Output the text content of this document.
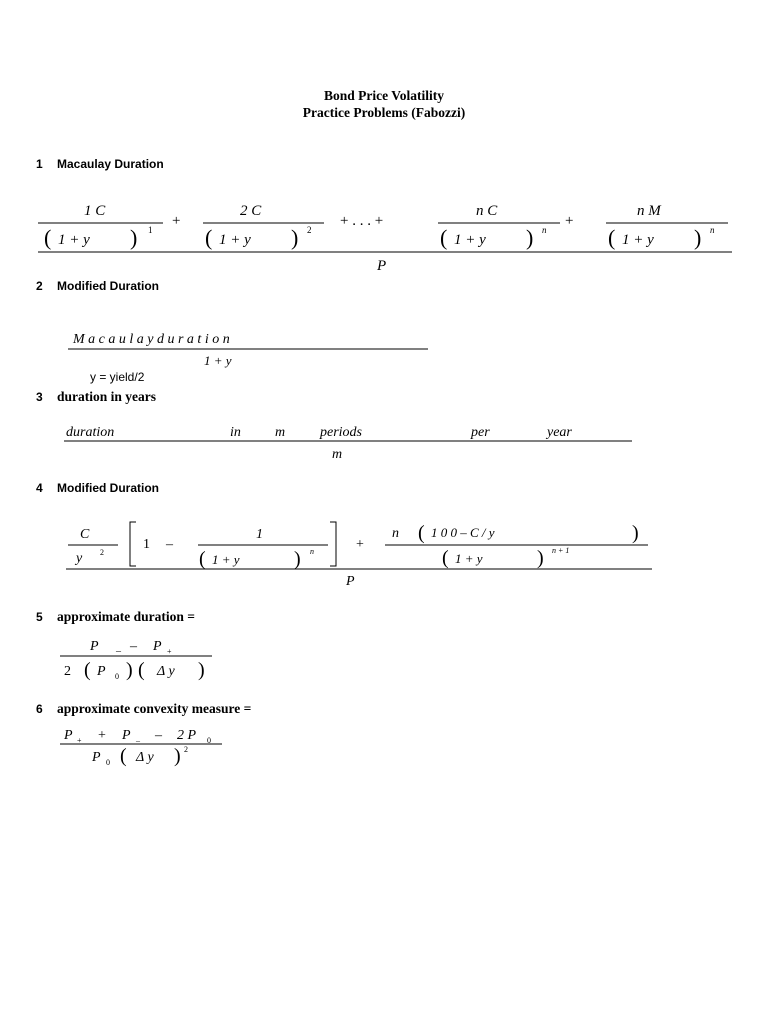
Bond Price Volatility
Practice Problems (Fabozzi)
1 Macaulay Duration
1 C
( 1 + y ) 1
+
2 C
( 1 + y ) 2
+ . . . +
n C
( 1 + y ) n
+
n M
( 1 + y ) n
P
2 Modified Duration
M a c a u l a y d u r a t i o n
1 + y
y = yield/2
3 duration in years
duration	in m periods	per	year
m
4 Modified Duration
C
y 2
1 –
1
( 1 + y	) n	+
n ( 1 0 0 – C / y	)
( 1 + y	) n + 1
P
5 approximate duration =
P – – P +
2 ( P 0 ) ( Δ y )
6 approximate convexity measure =
P + + P – – 2 P 0
P 0 ( Δ y ) 2
